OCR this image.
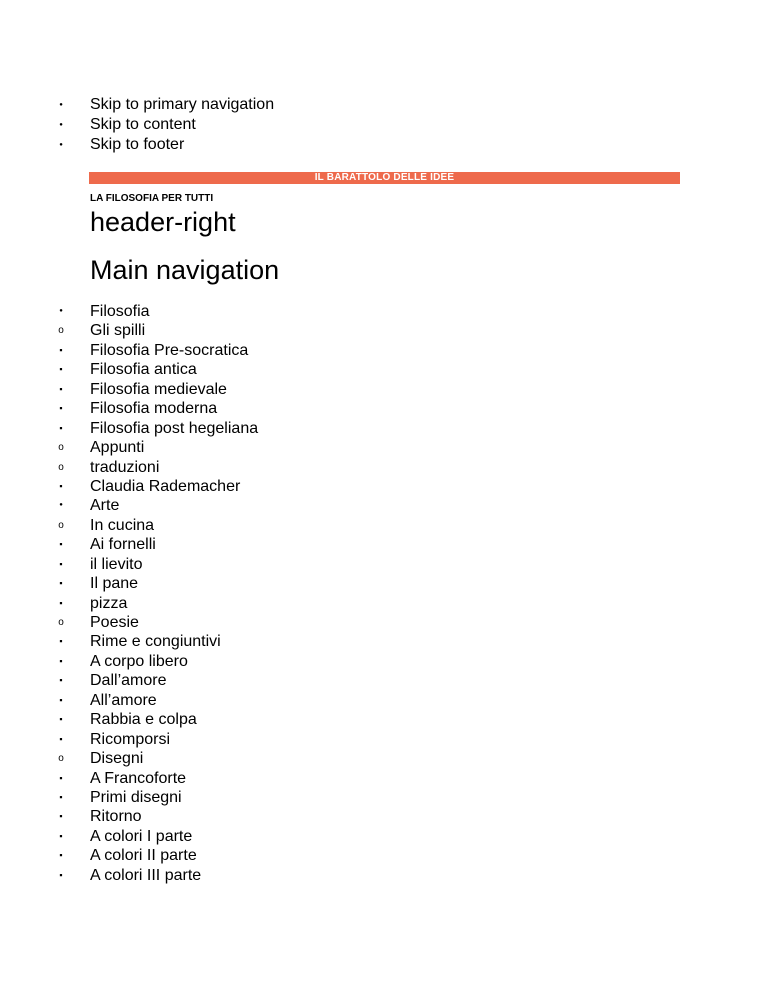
●
Skip to primary navigation
●
Skip to content
●
Skip to footer
IL BARATTOLO DELLE IDEE
LA FILOSOFIA PER TUTTI
header-right
Main navigation
●
Filosofia
o
Gli spilli
▪
Filosofia Pre-socratica
▪
Filosofia antica
▪
Filosofia medievale
▪
Filosofia moderna
▪
Filosofia post hegeliana
o
Appunti
o
traduzioni
▪
Claudia Rademacher
●
Arte
o
In cucina
▪
Ai fornelli
▪
il lievito
▪
Il pane
▪
pizza
o
Poesie
▪
Rime e congiuntivi
▪
A corpo libero
▪
Dall’amore
▪
All’amore
▪
Rabbia e colpa
▪
Ricomporsi
o
Disegni
▪
A Francoforte
▪
Primi disegni
▪
Ritorno
▪
A colori I parte
▪
A colori II parte
▪
A colori III parte
